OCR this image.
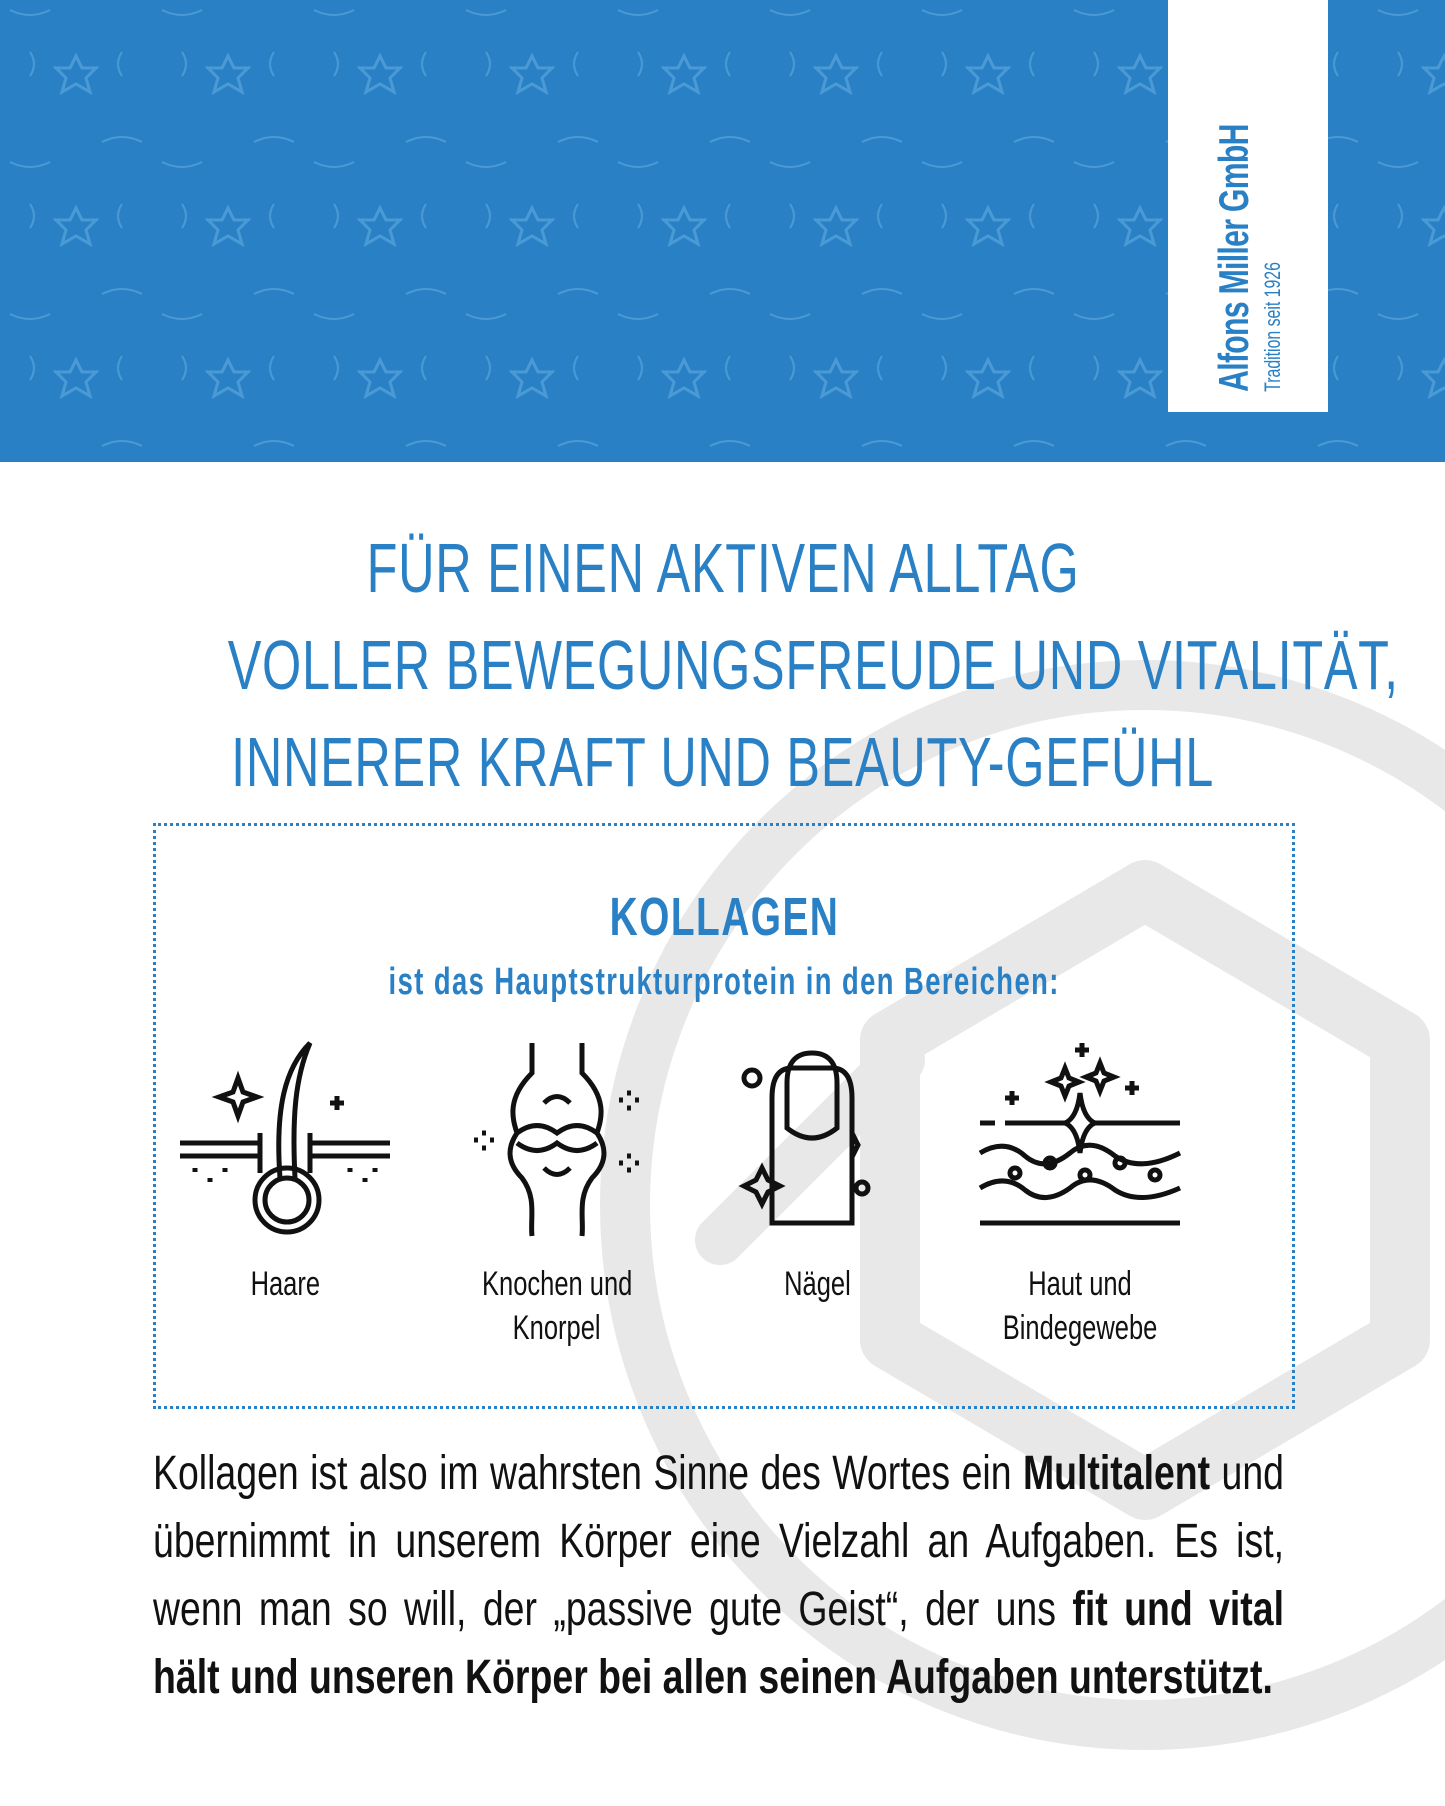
Alfons Miller GmbH Tradition seit 1926
FÜR EINEN AKTIVEN ALLTAG
VOLLER BEWEGUNGSFREUDE UND VITALITÄT,
INNERER KRAFT UND BEAUTY-GEFÜHL
KOLLAGEN
ist das Hauptstrukturprotein in den Bereichen:
Haare	Knochen und
Knorpel
Nägel	Haut und
Bindegewebe
Kollagen ist also im wahrsten Sinne des Wortes ein Multitalent und übernimmt in unserem Körper eine Vielzahl an Aufgaben. Es ist, wenn man so will, der „passive gute Geist“, der uns fit und vital hält und unseren Körper bei allen seinen Aufgaben unterstützt.
